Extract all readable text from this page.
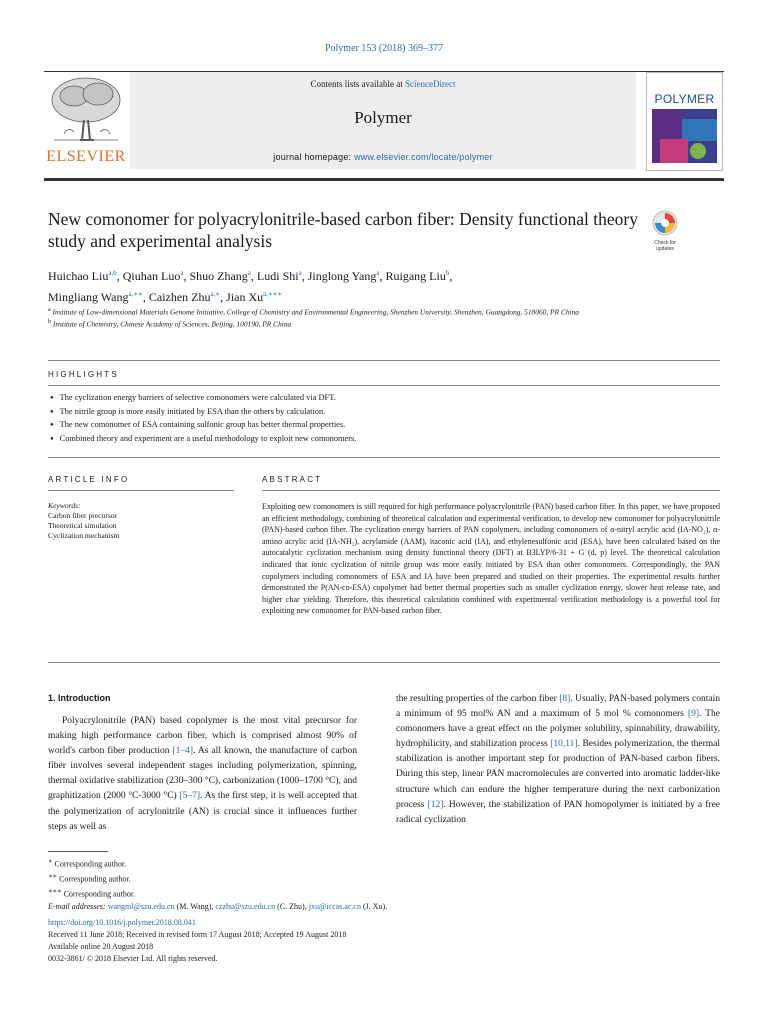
Polymer 153 (2018) 369–377
Contents lists available at ScienceDirect
Polymer
journal homepage: www.elsevier.com/locate/polymer
ELSEVIER
POLYMER
New comonomer for polyacrylonitrile-based carbon fiber: Density functional theory study and experimental analysis	Check for updates
Huichao Liu$^{a,b}$, Qiuhan Luo$^a$, Shuo Zhang$^a$, Ludi Shi$^a$, Jinglong Yang$^a$, Ruigang Liu$^b$,
Mingliang Wang$^{a,∗∗}$, Caizhen Zhu$^{a,∗}$, Jian $Xu^{a,∗∗∗}$
$^a$ Institute of Low-dimensional Materials Genome Initiative, College of Chemistry and Environmental Engineering, Shenzhen University, Shenzhen, Guangdong, 518060, PR China
$^b$ Institute of Chemistry, Chinese Academy of Sciences, Beijing, 100190, PR China
HIGHLIGHTS
● The cyclization energy barriers of selective comonomers were calculated via DFT.
● The nitrile group is more easily initiated by ESA than the others by calculation.
● The new comonomer of ESA containing sulfonic group has better thermal properties.
● Combined theory and experiment are a useful methodology to exploit new comonomers.
ARTICLE INFO
Keywords:
Carbon fiber precursor
Theoretical simulation
Cyclization mechanism
ABSTRACT
Exploiting new comonomers is still required for high performance polyacrylonitrile (PAN) based carbon fiber. In this paper, we have proposed an efficient methodology, combining of theoretical calculation and experimental verification, to develop new comonomer for polyacrylonitrile (PAN)-based carbon fiber. The cyclization energy barriers of PAN copolymers, including comonomers of α-nitryl acrylic acid (IA-NO₂), α-amino acrylic acid (IA-NH₂), acrylamide (AAM), itaconic acid (IA), and ethylenesulfonic acid (ESA), have been calculated based on the autocatalytic cyclization mechanism using density functional theory (DFT) at B3LYP/6-31 + G (d, p) level. The theoretical calculation indicated that ionic cyclization of nitrile group was more easily initiated by ESA than other comonomers. Correspondingly, the PAN copolymers including comonomers of ESA and IA have been prepared and studied on their properties. The experimental results further demonstrated the P(AN-co-ESA) copolymer had better thermal properties such as smaller cyclization energy, slower heat release rate, and higher char yielding. Therefore, this theoretical calculation combined with experimental verification methodology is a powerful tool for exploiting new comonomer for PAN-based carbon fiber.
1. Introduction
Polyacrylonitrile (PAN) based copolymer is the most vital precursor for making high performance carbon fiber, which is comprised almost 90% of world's carbon fiber production [1–4]. As all known, the manufacture of carbon fiber involves several independent stages including polymerization, spinning, thermal oxidative stabilization (230–300 °C), carbonization (1000–1700 °C), and graphitization (2000 °C-3000 °C) [5–7]. As the first step, it is well accepted that the polymerization of acrylonitrile (AN) is crucial since it influences further steps as well as
the resulting properties of the carbon fiber [8]. Usually, PAN-based polymers contain a minimum of 95 mol% AN and a maximum of 5 mol % comonomers [9]. The comonomers have a great effect on the polymer solubility, spinnability, drawability, hydrophilicity, and stabilization process [10,11]. Besides polymerization, the thermal stabilization is another important step for production of PAN-based carbon fibers. During this step, linear PAN macromolecules are converted into aromatic ladder-like structure which can endure the higher temperature during the next carbonization process [12]. However, the stabilization of PAN homopolymer is initiated by a free radical cyclization
∗ Corresponding author.
∗∗ Corresponding author.
∗∗∗ Corresponding author.
E-mail addresses: wangml@szu.edu.cn (M. Wang), czzhu@szu.edu.cn (C. Zhu), jxu@iccas.ac.cn (J. Xu).
https://doi.org/10.1016/j.polymer.2018.08.041
Received 11 June 2018; Received in revised form 17 August 2018; Accepted 19 August 2018
Available online 20 August 2018
0032-3861/ © 2018 Elsevier Ltd. All rights reserved.
